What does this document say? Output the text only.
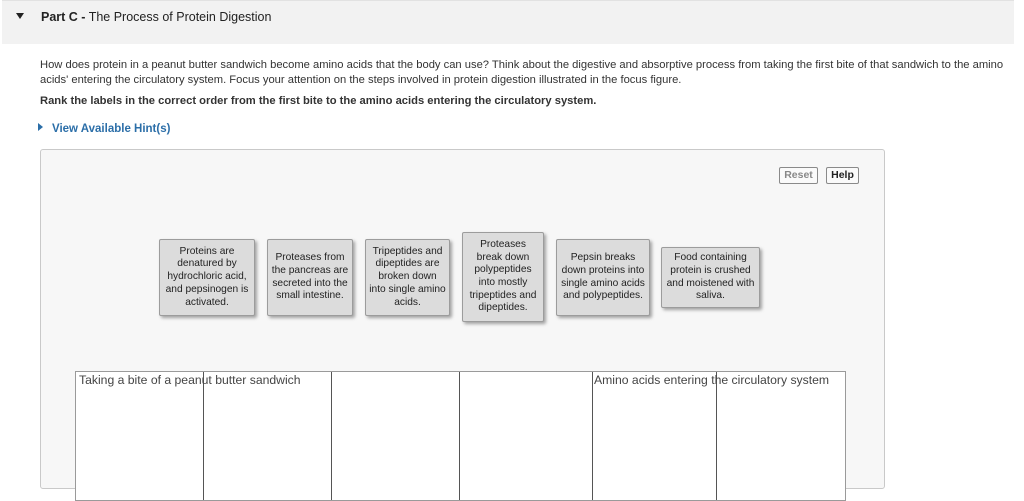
Part C - The Process of Protein Digestion
How does protein in a peanut butter sandwich become amino acids that the body can use? Think about the digestive and absorptive process from taking the first bite of that sandwich to the amino acids' entering the circulatory system. Focus your attention on the steps involved in protein digestion illustrated in the focus figure.
Rank the labels in the correct order from the first bite to the amino acids entering the circulatory system.
View Available Hint(s)
Reset	Help
Proteins are denatured by hydrochloric acid, and pepsinogen is activated.
Proteases from the pancreas are secreted into the small intestine.
Tripeptides and dipeptides are broken down into single amino acids.
Proteases break down polypeptides into mostly tripeptides and dipeptides.
Pepsin breaks down proteins into single amino acids and polypeptides.
Food containing protein is crushed and moistened with saliva.
Taking a bite of a peanut butter sandwich	Amino acids entering the circulatory system
